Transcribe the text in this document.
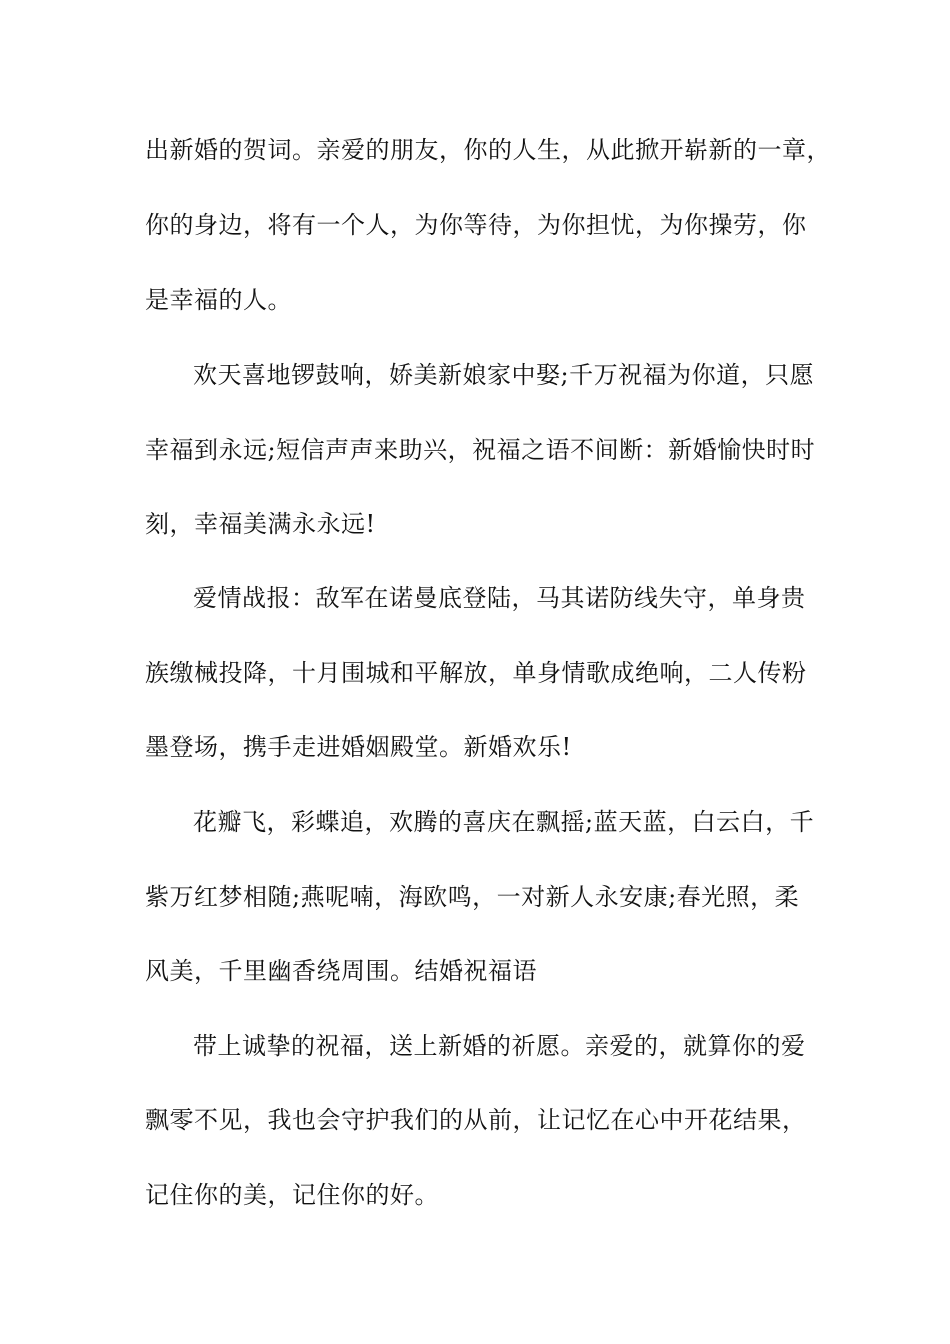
出新婚的贺词。亲爱的朋友，你的人生，从此掀开崭新的一章，
你的身边，将有一个人，为你等待，为你担忧，为你操劳，你
是幸福的人。
欢天喜地锣鼓响，娇美新娘家中娶;千万祝福为你道，只愿
幸福到永远;短信声声来助兴，祝福之语不间断：新婚愉快时时
刻，幸福美满永永远!
爱情战报：敌军在诺曼底登陆，马其诺防线失守，单身贵
族缴械投降，十月围城和平解放，单身情歌成绝响，二人传粉
墨登场，携手走进婚姻殿堂。新婚欢乐!
花瓣飞，彩蝶追，欢腾的喜庆在飘摇;蓝天蓝，白云白，千
紫万红梦相随;燕呢喃，海欧鸣，一对新人永安康;春光照，柔
风美，千里幽香绕周围。结婚祝福语
带上诚挚的祝福，送上新婚的祈愿。亲爱的，就算你的爱
飘零不见，我也会守护我们的从前，让记忆在心中开花结果，
记住你的美，记住你的好。
